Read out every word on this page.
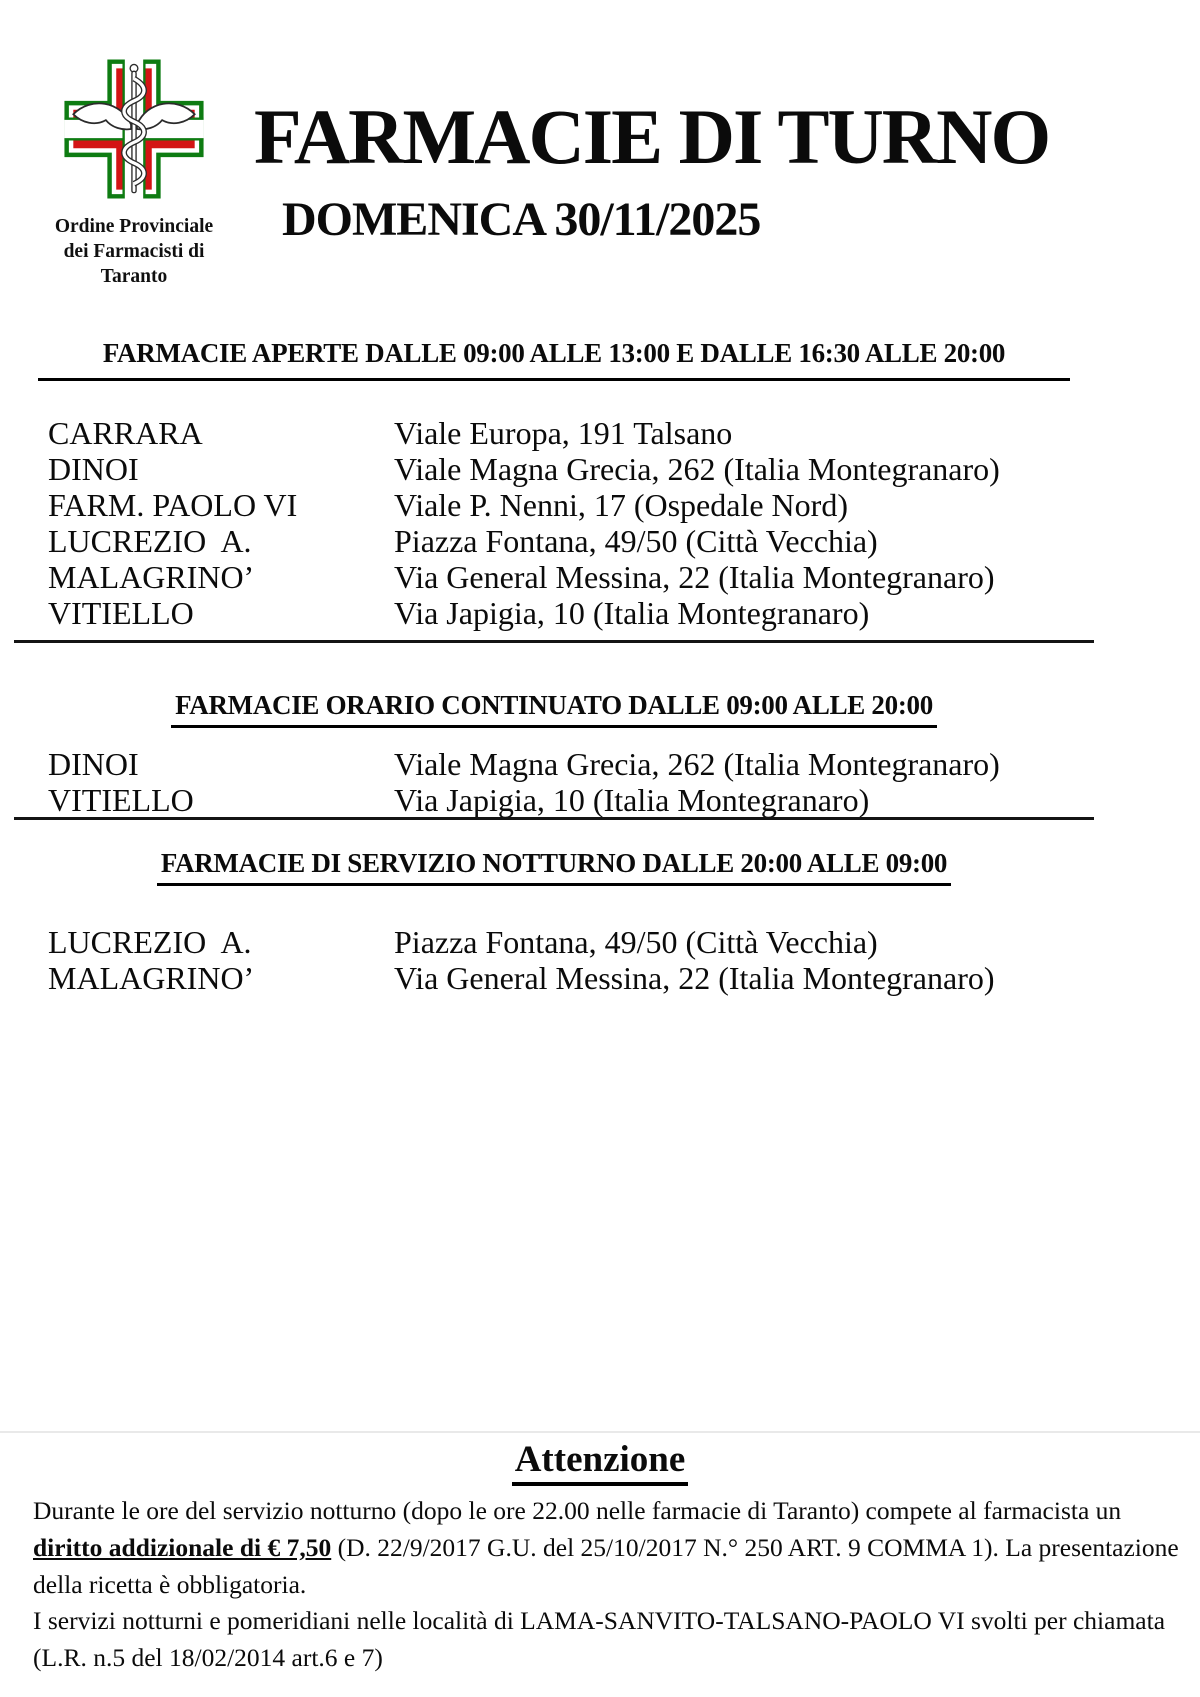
Ordine Provinciale
dei Farmacisti di
Taranto
FARMACIE DI TURNO
DOMENICA 30/11/2025
FARMACIE APERTE DALLE 09:00 ALLE 13:00 E DALLE 16:30 ALLE 20:00
CARRARA	Viale Europa, 191 Talsano
DINOI	Viale Magna Grecia, 262 (Italia Montegranaro)
FARM. PAOLO VI	Viale P. Nenni, 17 (Ospedale Nord)
LUCREZIO  A.	Piazza Fontana, 49/50 (Città Vecchia)
MALAGRINO’	Via General Messina, 22 (Italia Montegranaro)
VITIELLO	Via Japigia, 10 (Italia Montegranaro)
FARMACIE ORARIO CONTINUATO DALLE 09:00 ALLE 20:00
DINOI	Viale Magna Grecia, 262 (Italia Montegranaro)
VITIELLO	Via Japigia, 10 (Italia Montegranaro)
FARMACIE DI SERVIZIO NOTTURNO DALLE 20:00 ALLE 09:00
LUCREZIO  A.	Piazza Fontana, 49/50 (Città Vecchia)
MALAGRINO’	Via General Messina, 22 (Italia Montegranaro)
Attenzione

Durante le ore del servizio notturno (dopo le ore 22.00 nelle farmacie di Taranto) compete al farmacista un diritto addizionale di € 7,50 (D. 22/9/2017 G.U. del 25/10/2017 N.° 250 ART. 9 COMMA 1). La presentazione della ricetta è obbligatoria.

I servizi notturni e pomeridiani nelle località di LAMA-SANVITO-TALSANO-PAOLO VI svolti per chiamata (L.R. n.5 del 18/02/2014 art.6 e 7)
